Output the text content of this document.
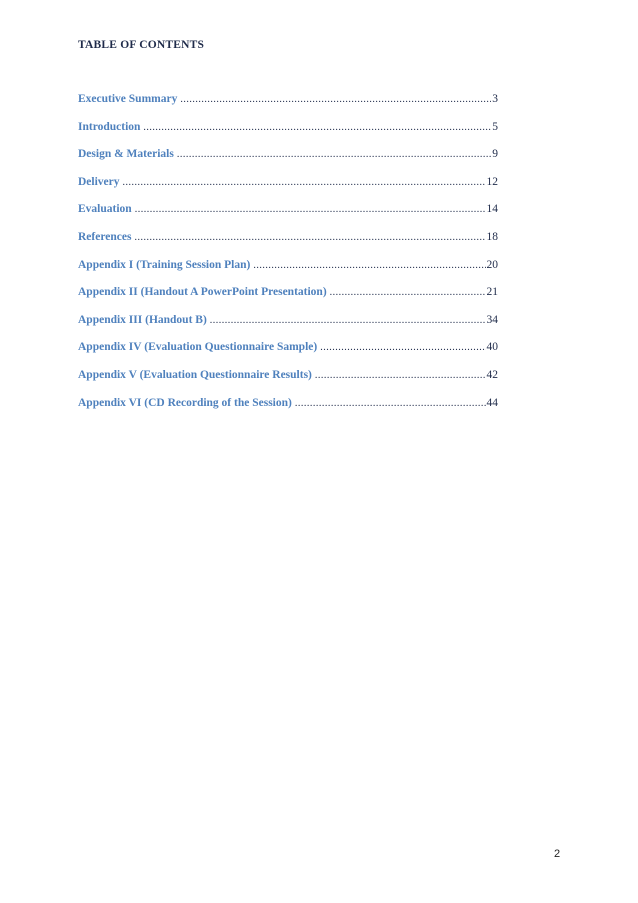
TABLE OF CONTENTS
Executive Summary .....	3
Introduction .....	5
Design & Materials .....	9
Delivery .....	12
Evaluation .....	14
References .....	18
Appendix I (Training Session Plan) .....	20
Appendix II (Handout A PowerPoint Presentation) .....	21
Appendix III (Handout B) .....	34
Appendix IV (Evaluation Questionnaire Sample) .....	40
Appendix V (Evaluation Questionnaire Results) .....	42
Appendix VI (CD Recording of the Session) .....	44
2
